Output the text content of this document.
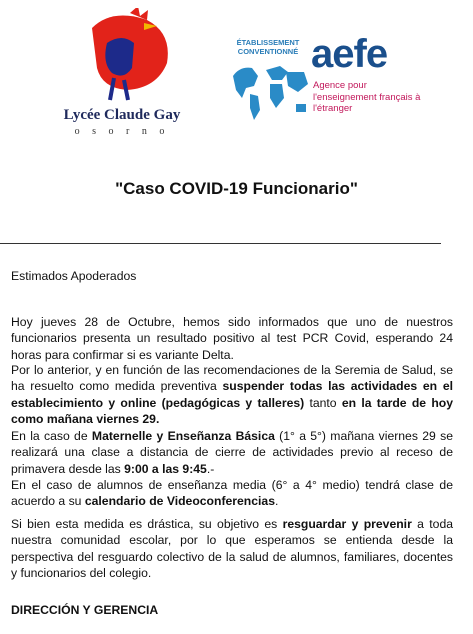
Lycée Claude Gay
o s o r n o
ÉTABLISSEMENT CONVENTIONNÉ aefe
Agence pour l'enseignement français à l'étranger
"Caso COVID-19 Funcionario"
Estimados Apoderados
Hoy jueves 28 de Octubre, hemos sido informados que uno de nuestros funcionarios presenta un resultado positivo al test PCR Covid, esperando 24 horas para confirmar si es variante Delta.
Por lo anterior, y en función de las recomendaciones de la Seremia de Salud, se ha resuelto como medida preventiva suspender todas las actividades en el establecimiento y online (pedagógicas y talleres) tanto en la tarde de hoy como mañana viernes 29.
En la caso de Maternelle y Enseñanza Básica (1° a 5°) mañana viernes 29 se realizará una clase a distancia de cierre de actividades previo al receso de primavera desde las 9:00 a las 9:45.-
En el caso de alumnos de enseñanza media (6° a 4° medio) tendrá clase de acuerdo a su calendario de Videoconferencias.
Si bien esta medida es drástica, su objetivo es resguardar y prevenir a toda nuestra comunidad escolar, por lo que esperamos se entienda desde la perspectiva del resguardo colectivo de la salud de alumnos, familiares, docentes y funcionarios del colegio.
DIRECCIÓN Y GERENCIA
